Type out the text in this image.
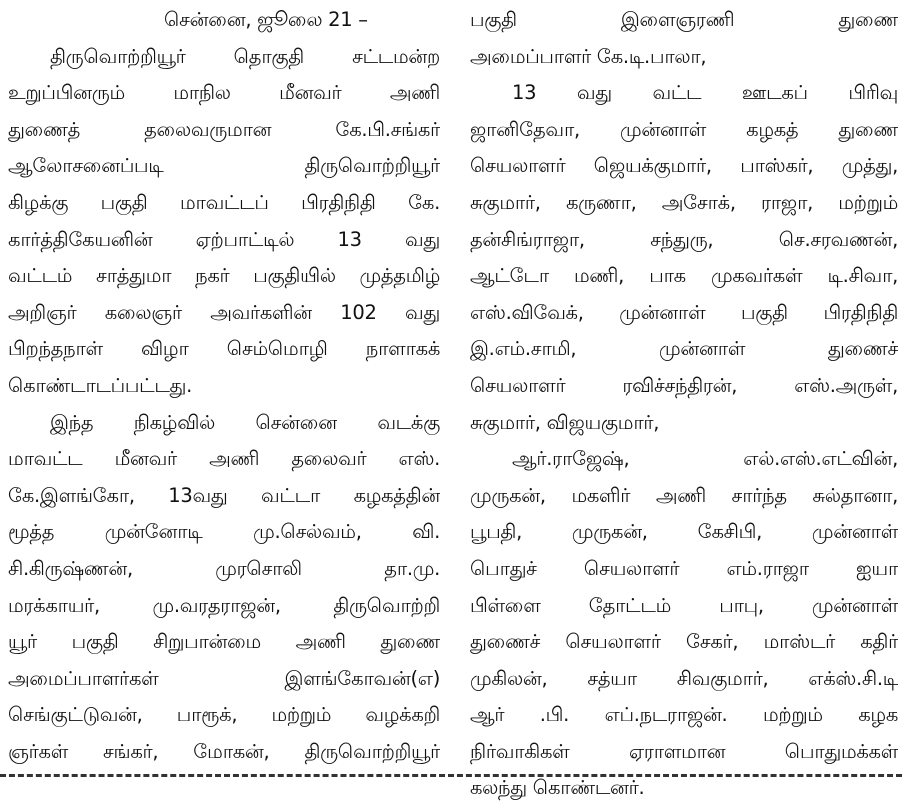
சென்னை, ஜூலை 21 –
திருவொற்றியூர் தொகுதி சட்டமன்ற
உறுப்பினரும் மாநில மீனவர் அணி
துணைத் தலைவருமான கே.பி.சங்கர்
ஆலோசனைப்படி திருவொற்றியூர்
கிழக்கு பகுதி மாவட்டப் பிரதிநிதி கே.
கார்த்திகேயனின் ஏற்பாட்டில் 13 வது
வட்டம் சாத்துமா நகர் பகுதியில் முத்தமிழ்
அறிஞர் கலைஞர் அவர்களின் 102 வது
பிறந்தநாள் விழா செம்மொழி நாளாகக்
கொண்டாடப்பட்டது.
இந்த நிகழ்வில் சென்னை வடக்கு
மாவட்ட மீனவர் அணி தலைவர் எஸ்.
கே.இளங்கோ, 13வது வட்டா கழகத்தின்
மூத்த முன்னோடி மு.செல்வம், வி.
சி.கிருஷ்ணன், முரசொலி தா.மு.
மரக்காயர், மு.வரதராஜன், திருவொற்றி
யூர் பகுதி சிறுபான்மை அணி துணை
அமைப்பாளர்கள் இளங்கோவன்(எ)
செங்குட்டுவன், பாரூக், மற்றும் வழக்கறி
ஞர்கள் சங்கர், மோகன், திருவொற்றியூர்
பகுதி இளைஞரணி துணை
அமைப்பாளர் கே.டி.பாலா,
13 வது வட்ட ஊடகப் பிரிவு
ஜானிதேவா, முன்னாள் கழகத் துணை
செயலாளர் ஜெயக்குமார், பாஸ்கர், முத்து,
சுகுமார், கருணா, அசோக், ராஜா, மற்றும்
தன்சிங்ராஜா, சந்துரு, செ.சரவணன்,
ஆட்டோ மணி, பாக முகவர்கள் டி.சிவா,
எஸ்.விவேக், முன்னாள் பகுதி பிரதிநிதி
இ.எம்.சாமி, முன்னாள் துணைச்
செயலாளர் ரவிச்சந்திரன், எஸ்.அருள்,
சுகுமார், விஜயகுமார்,
ஆர்.ராஜேஷ், எல்.எஸ்.எட்வின்,
முருகன், மகளிர் அணி சார்ந்த சுல்தானா,
பூபதி, முருகன், கேசிபி, முன்னாள்
பொதுச் செயலாளர் எம்.ராஜா ஐயா
பிள்ளை தோட்டம் பாபு, முன்னாள்
துணைச் செயலாளர் சேகர், மாஸ்டர் கதிர்
முகிலன், சத்யா சிவகுமார், எக்ஸ்.சி.டி
ஆர் .பி. எப்.நடராஜன். மற்றும் கழக
நிர்வாகிகள் ஏராளமான பொதுமக்கள்
கலந்து கொண்டனர்.
